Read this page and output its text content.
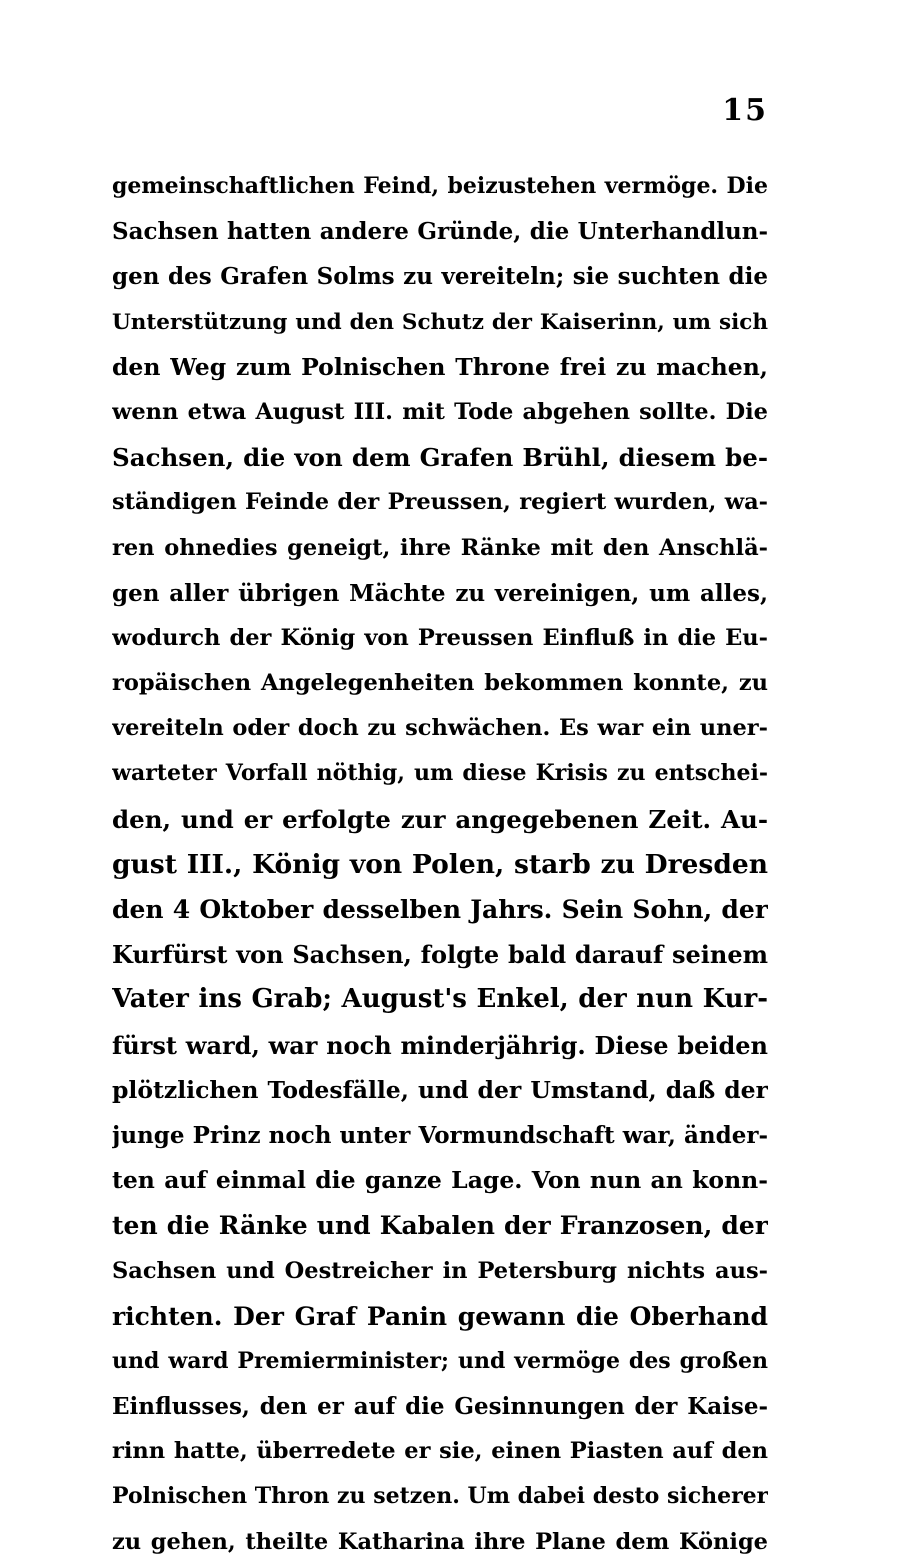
15
gemeinschaftlichen Feind, beizustehen vermöge. Die
Sachsen hatten andere Gründe, die Unterhandlun-
gen des Grafen Solms zu vereiteln; sie suchten die
Unterstützung und den Schutz der Kaiserinn, um sich
den Weg zum Polnischen Throne frei zu machen,
wenn etwa August III. mit Tode abgehen sollte. Die
Sachsen, die von dem Grafen Brühl, diesem be-
ständigen Feinde der Preussen, regiert wurden, wa-
ren ohnedies geneigt, ihre Ränke mit den Anschlä-
gen aller übrigen Mächte zu vereinigen, um alles,
wodurch der König von Preussen Einfluß in die Eu-
ropäischen Angelegenheiten bekommen konnte, zu
vereiteln oder doch zu schwächen. Es war ein uner-
warteter Vorfall nöthig, um diese Krisis zu entschei-
den, und er erfolgte zur angegebenen Zeit. Au-
gust III., König von Polen, starb zu Dresden
den 4 Oktober desselben Jahrs. Sein Sohn, der
Kurfürst von Sachsen, folgte bald darauf seinem
Vater ins Grab; August's Enkel, der nun Kur-
fürst ward, war noch minderjährig. Diese beiden
plötzlichen Todesfälle, und der Umstand, daß der
junge Prinz noch unter Vormundschaft war, änder-
ten auf einmal die ganze Lage. Von nun an konn-
ten die Ränke und Kabalen der Franzosen, der
Sachsen und Oestreicher in Petersburg nichts aus-
richten. Der Graf Panin gewann die Oberhand
und ward Premierminister; und vermöge des großen
Einflusses, den er auf die Gesinnungen der Kaise-
rinn hatte, überredete er sie, einen Piasten auf den
Polnischen Thron zu setzen. Um dabei desto sicherer
zu gehen, theilte Katharina ihre Plane dem Könige
